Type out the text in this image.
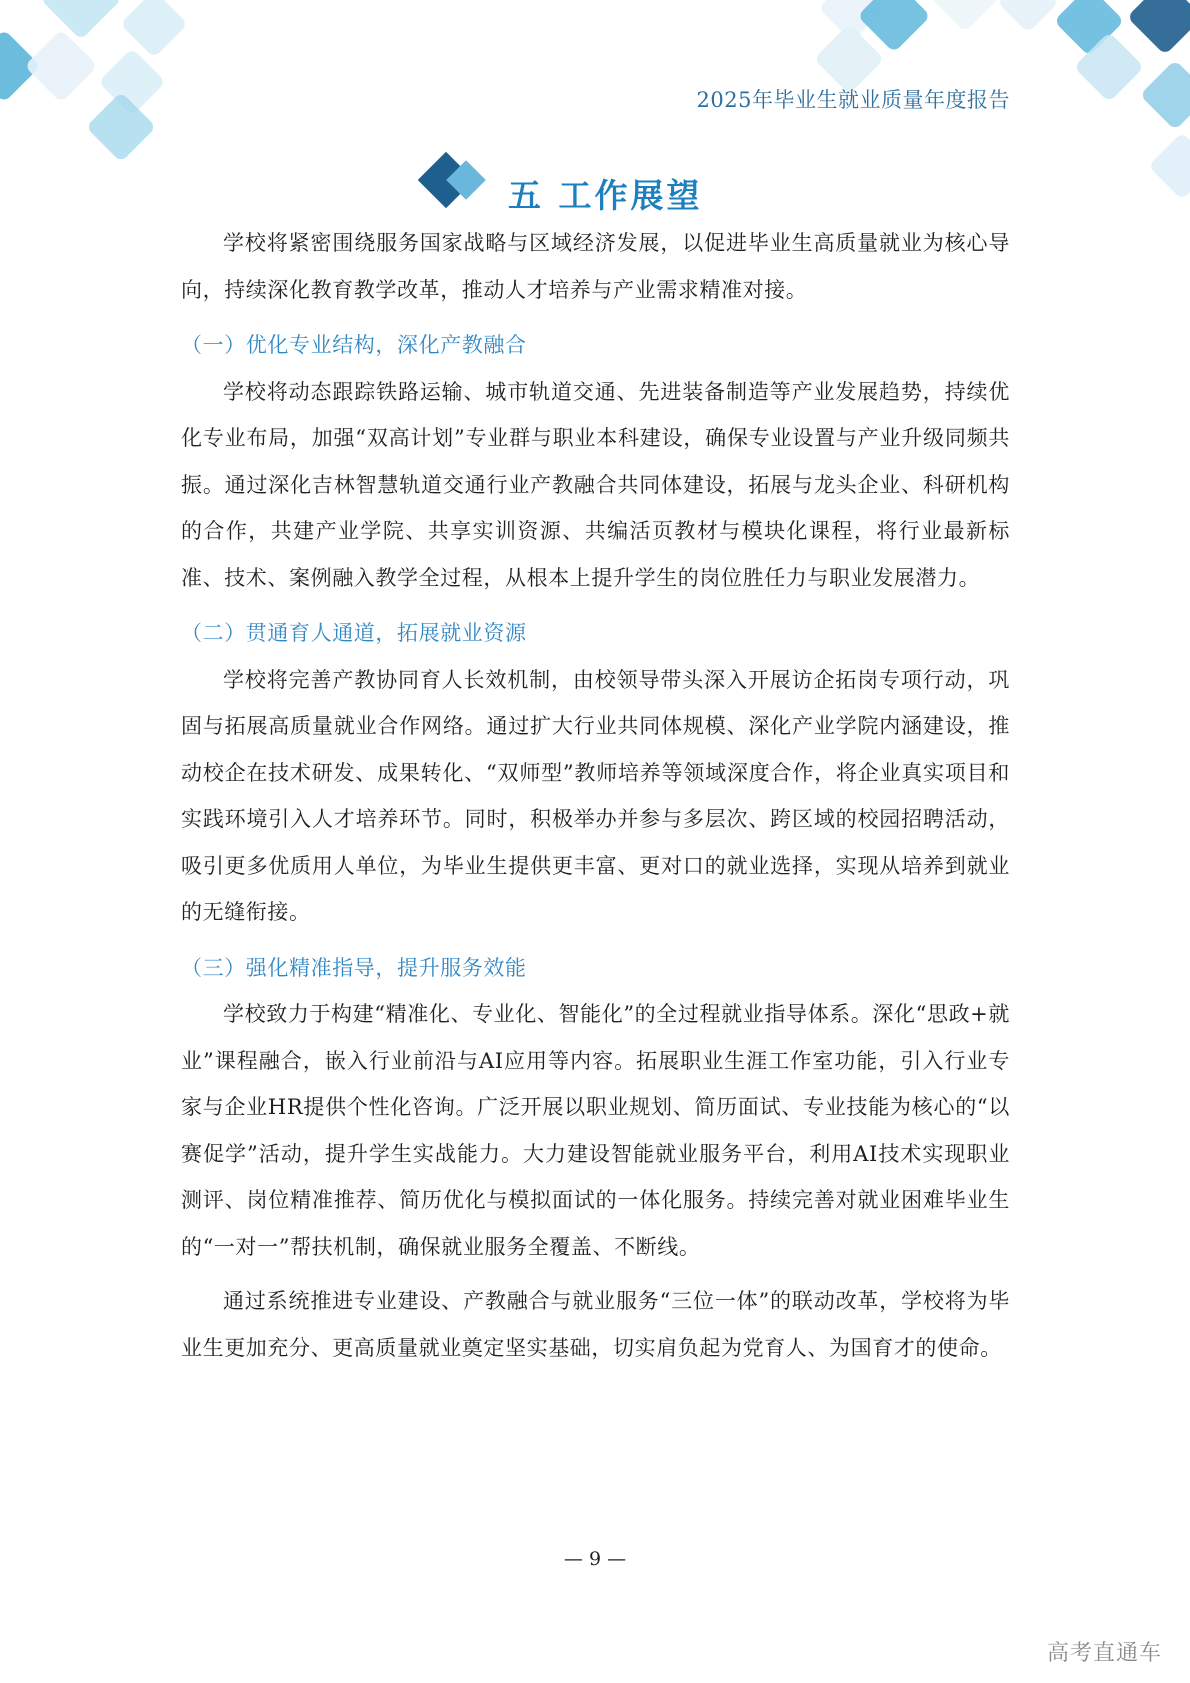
2025年毕业生就业质量年度报告
五 工作展望

学校将紧密围绕服务国家战略与区域经济发展，以促进毕业生高质量就业为核心导向，持续深化教育教学改革，推动人才培养与产业需求精准对接。

（一）优化专业结构，深化产教融合

学校将动态跟踪铁路运输、城市轨道交通、先进装备制造等产业发展趋势，持续优化专业布局，加强“双高计划”专业群与职业本科建设，确保专业设置与产业升级同频共振。通过深化吉林智慧轨道交通行业产教融合共同体建设，拓展与龙头企业、科研机构的合作，共建产业学院、共享实训资源、共编活页教材与模块化课程，将行业最新标准、技术、案例融入教学全过程，从根本上提升学生的岗位胜任力与职业发展潜力。

（二）贯通育人通道，拓展就业资源

学校将完善产教协同育人长效机制，由校领导带头深入开展访企拓岗专项行动，巩固与拓展高质量就业合作网络。通过扩大行业共同体规模、深化产业学院内涵建设，推动校企在技术研发、成果转化、“双师型”教师培养等领域深度合作，将企业真实项目和实践环境引入人才培养环节。同时，积极举办并参与多层次、跨区域的校园招聘活动，吸引更多优质用人单位，为毕业生提供更丰富、更对口的就业选择，实现从培养到就业的无缝衔接。

（三）强化精准指导，提升服务效能

学校致力于构建“精准化、专业化、智能化”的全过程就业指导体系。深化“思政+就业”课程融合，嵌入行业前沿与AI应用等内容。拓展职业生涯工作室功能，引入行业专家与企业HR提供个性化咨询。广泛开展以职业规划、简历面试、专业技能为核心的“以赛促学”活动，提升学生实战能力。大力建设智能就业服务平台，利用AI技术实现职业测评、岗位精准推荐、简历优化与模拟面试的一体化服务。持续完善对就业困难毕业生的“一对一”帮扶机制，确保就业服务全覆盖、不断线。

通过系统推进专业建设、产教融合与就业服务“三位一体”的联动改革，学校将为毕业生更加充分、更高质量就业奠定坚实基础，切实肩负起为党育人、为国育才的使命。

— 9 —
高考直通车
